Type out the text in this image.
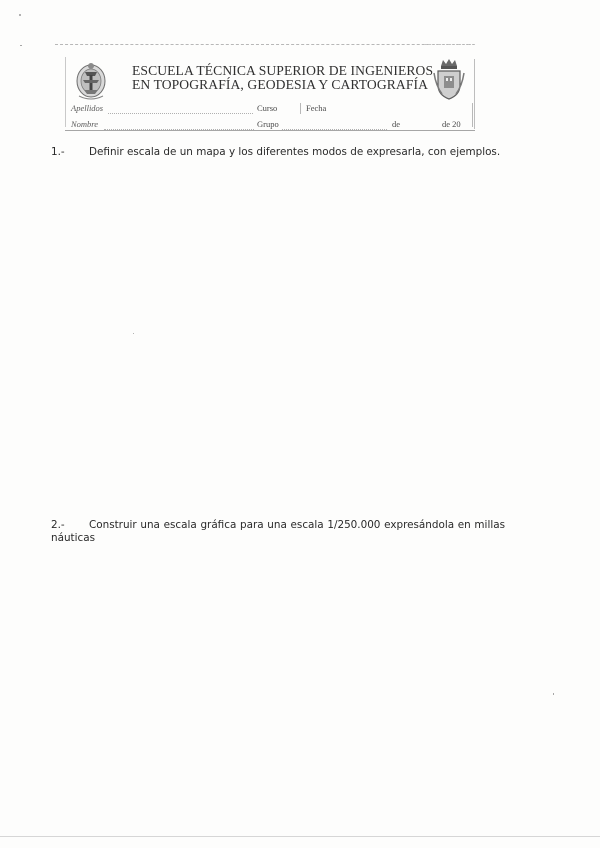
ESCUELA TÉCNICA SUPERIOR DE INGENIEROS
EN TOPOGRAFÍA, GEODESIA Y CARTOGRAFÍA
Apellidos	Curso	Fecha
Nombre	Grupo	de	de 20
1.- Definir escala de un mapa y los diferentes modos de expresarla, con ejemplos.
2.- Construir una escala gráfica para una escala 1/250.000 expresándola en millas
náuticas
